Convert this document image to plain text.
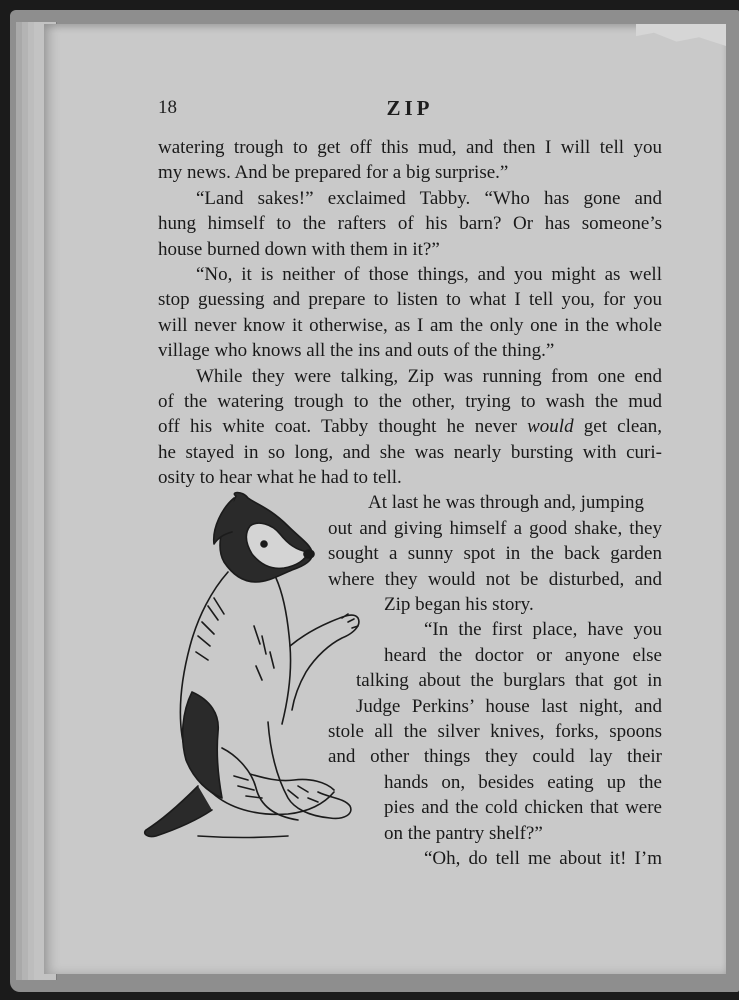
18	ZIP
watering trough to get off this mud, and then I will tell you
my news. And be prepared for a big surprise.”
“Land sakes!” exclaimed Tabby. “Who has gone and
hung himself to the rafters of his barn? Or has someone’s
house burned down with them in it?”
“No, it is neither of those things, and you might as well
stop guessing and prepare to listen to what I tell you, for you
will never know it otherwise, as I am the only one in the whole
village who knows all the ins and outs of the thing.”
While they were talking, Zip was running from one end
of the watering trough to the other, trying to wash the mud
off his white coat. Tabby thought he never would get clean,
he stayed in so long, and she was nearly bursting with curi-
osity to hear what he had to tell.
At last he was through and, jumping
out and giving himself a good shake, they
sought a sunny spot in the back garden
where they would not be disturbed, and
Zip began his story.
“In the first place, have you
heard the doctor or anyone else
talking about the burglars that got in
Judge Perkins’ house last night, and
stole all the silver knives, forks, spoons
and other things they could lay their
hands on, besides eating up the
pies and the cold chicken that were
on the pantry shelf?”
“Oh, do tell me about it! I’m
